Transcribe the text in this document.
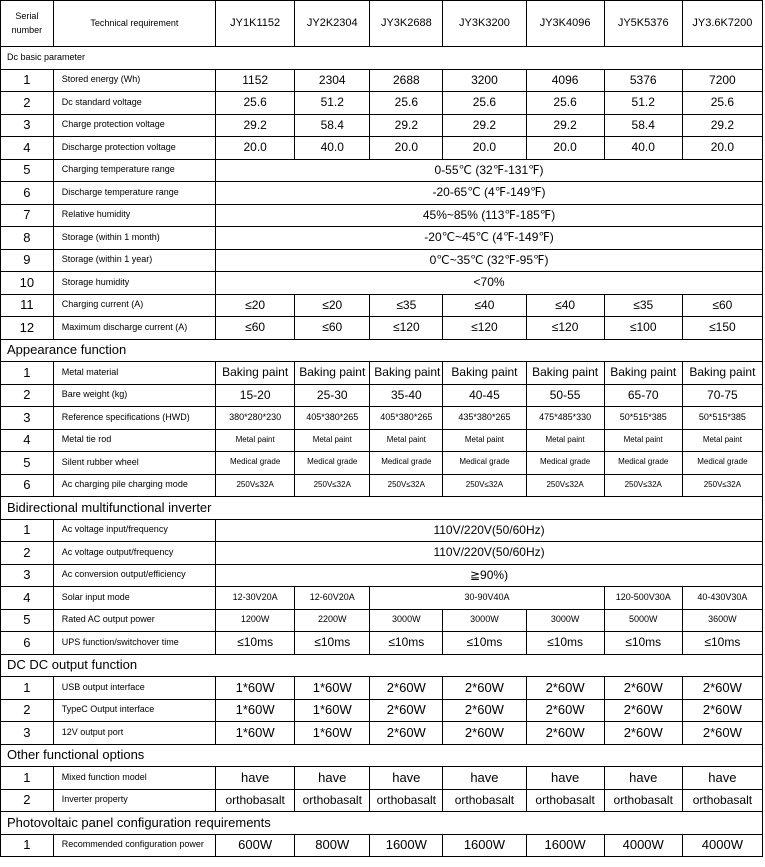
Serial number	Technical requirement	JY1K1152	JY2K2304	JY3K2688	JY3K3200	JY3K4096	JY5K5376	JY3.6K7200
Dc basic parameter								
1	Stored energy (Wh)	1152	2304	2688	3200	4096	5376	7200
2	Dc standard voltage	25.6	51.2	25.6	25.6	25.6	51.2	25.6
3	Charge protection voltage	29.2	58.4	29.2	29.2	29.2	58.4	29.2
4	Discharge protection voltage	20.0	40.0	20.0	20.0	20.0	40.0	20.0
5	Charging temperature range	0-55℃ (32℉-131℉)						
6	Discharge temperature range	-20-65℃ (4℉-149℉)						
7	Relative humidity	45%~85% (113℉-185℉)						
8	Storage (within 1 month)	-20℃~45℃ (4℉-149℉)						
9	Storage (within 1 year)	0℃~35℃ (32℉-95℉)						
10	Storage humidity	<70%						
11	Charging current (A)	≤20	≤20	≤35	≤40	≤40	≤35	≤60
12	Maximum discharge current (A)	≤60	≤60	≤120	≤120	≤120	≤100	≤150
Appearance function								
1	Metal material	Baking paint	Baking paint	Baking paint	Baking paint	Baking paint	Baking paint	Baking paint
2	Bare weight (kg)	15-20	25-30	35-40	40-45	50-55	65-70	70-75
3	Reference specifications (HWD)	380*280*230	405*380*265	405*380*265	435*380*265	475*485*330	50*515*385	50*515*385
4	Metal tie rod	Metal paint	Metal paint	Metal paint	Metal paint	Metal paint	Metal paint	Metal paint
5	Silent rubber wheel	Medical grade	Medical grade	Medical grade	Medical grade	Medical grade	Medical grade	Medical grade
6	Ac charging pile charging mode	250V≤32A	250V≤32A	250V≤32A	250V≤32A	250V≤32A	250V≤32A	250V≤32A
Bidirectional multifunctional inverter								
1	Ac voltage input/frequency	110V/220V(50/60Hz)						
2	Ac voltage output/frequency	110V/220V(50/60Hz)						
3	Ac conversion output/efficiency	≧90%)						
4	Solar input mode	12-30V20A	12-60V20A	30-90V40A			120-500V30A	40-430V30A
5	Rated AC output power	1200W	2200W	3000W	3000W	3000W	5000W	3600W
6	UPS function/switchover time	≤10ms	≤10ms	≤10ms	≤10ms	≤10ms	≤10ms	≤10ms
DC DC output function								
1	USB output interface	1*60W	1*60W	2*60W	2*60W	2*60W	2*60W	2*60W
2	TypeC Output interface	1*60W	1*60W	2*60W	2*60W	2*60W	2*60W	2*60W
3	12V output port	1*60W	1*60W	2*60W	2*60W	2*60W	2*60W	2*60W
Other functional options								
1	Mixed function model	have	have	have	have	have	have	have
2	Inverter property	orthobasalt	orthobasalt	orthobasalt	orthobasalt	orthobasalt	orthobasalt	orthobasalt
Photovoltaic panel configuration requirements								
1	Recommended configuration power	600W	800W	1600W	1600W	1600W	4000W	4000W
